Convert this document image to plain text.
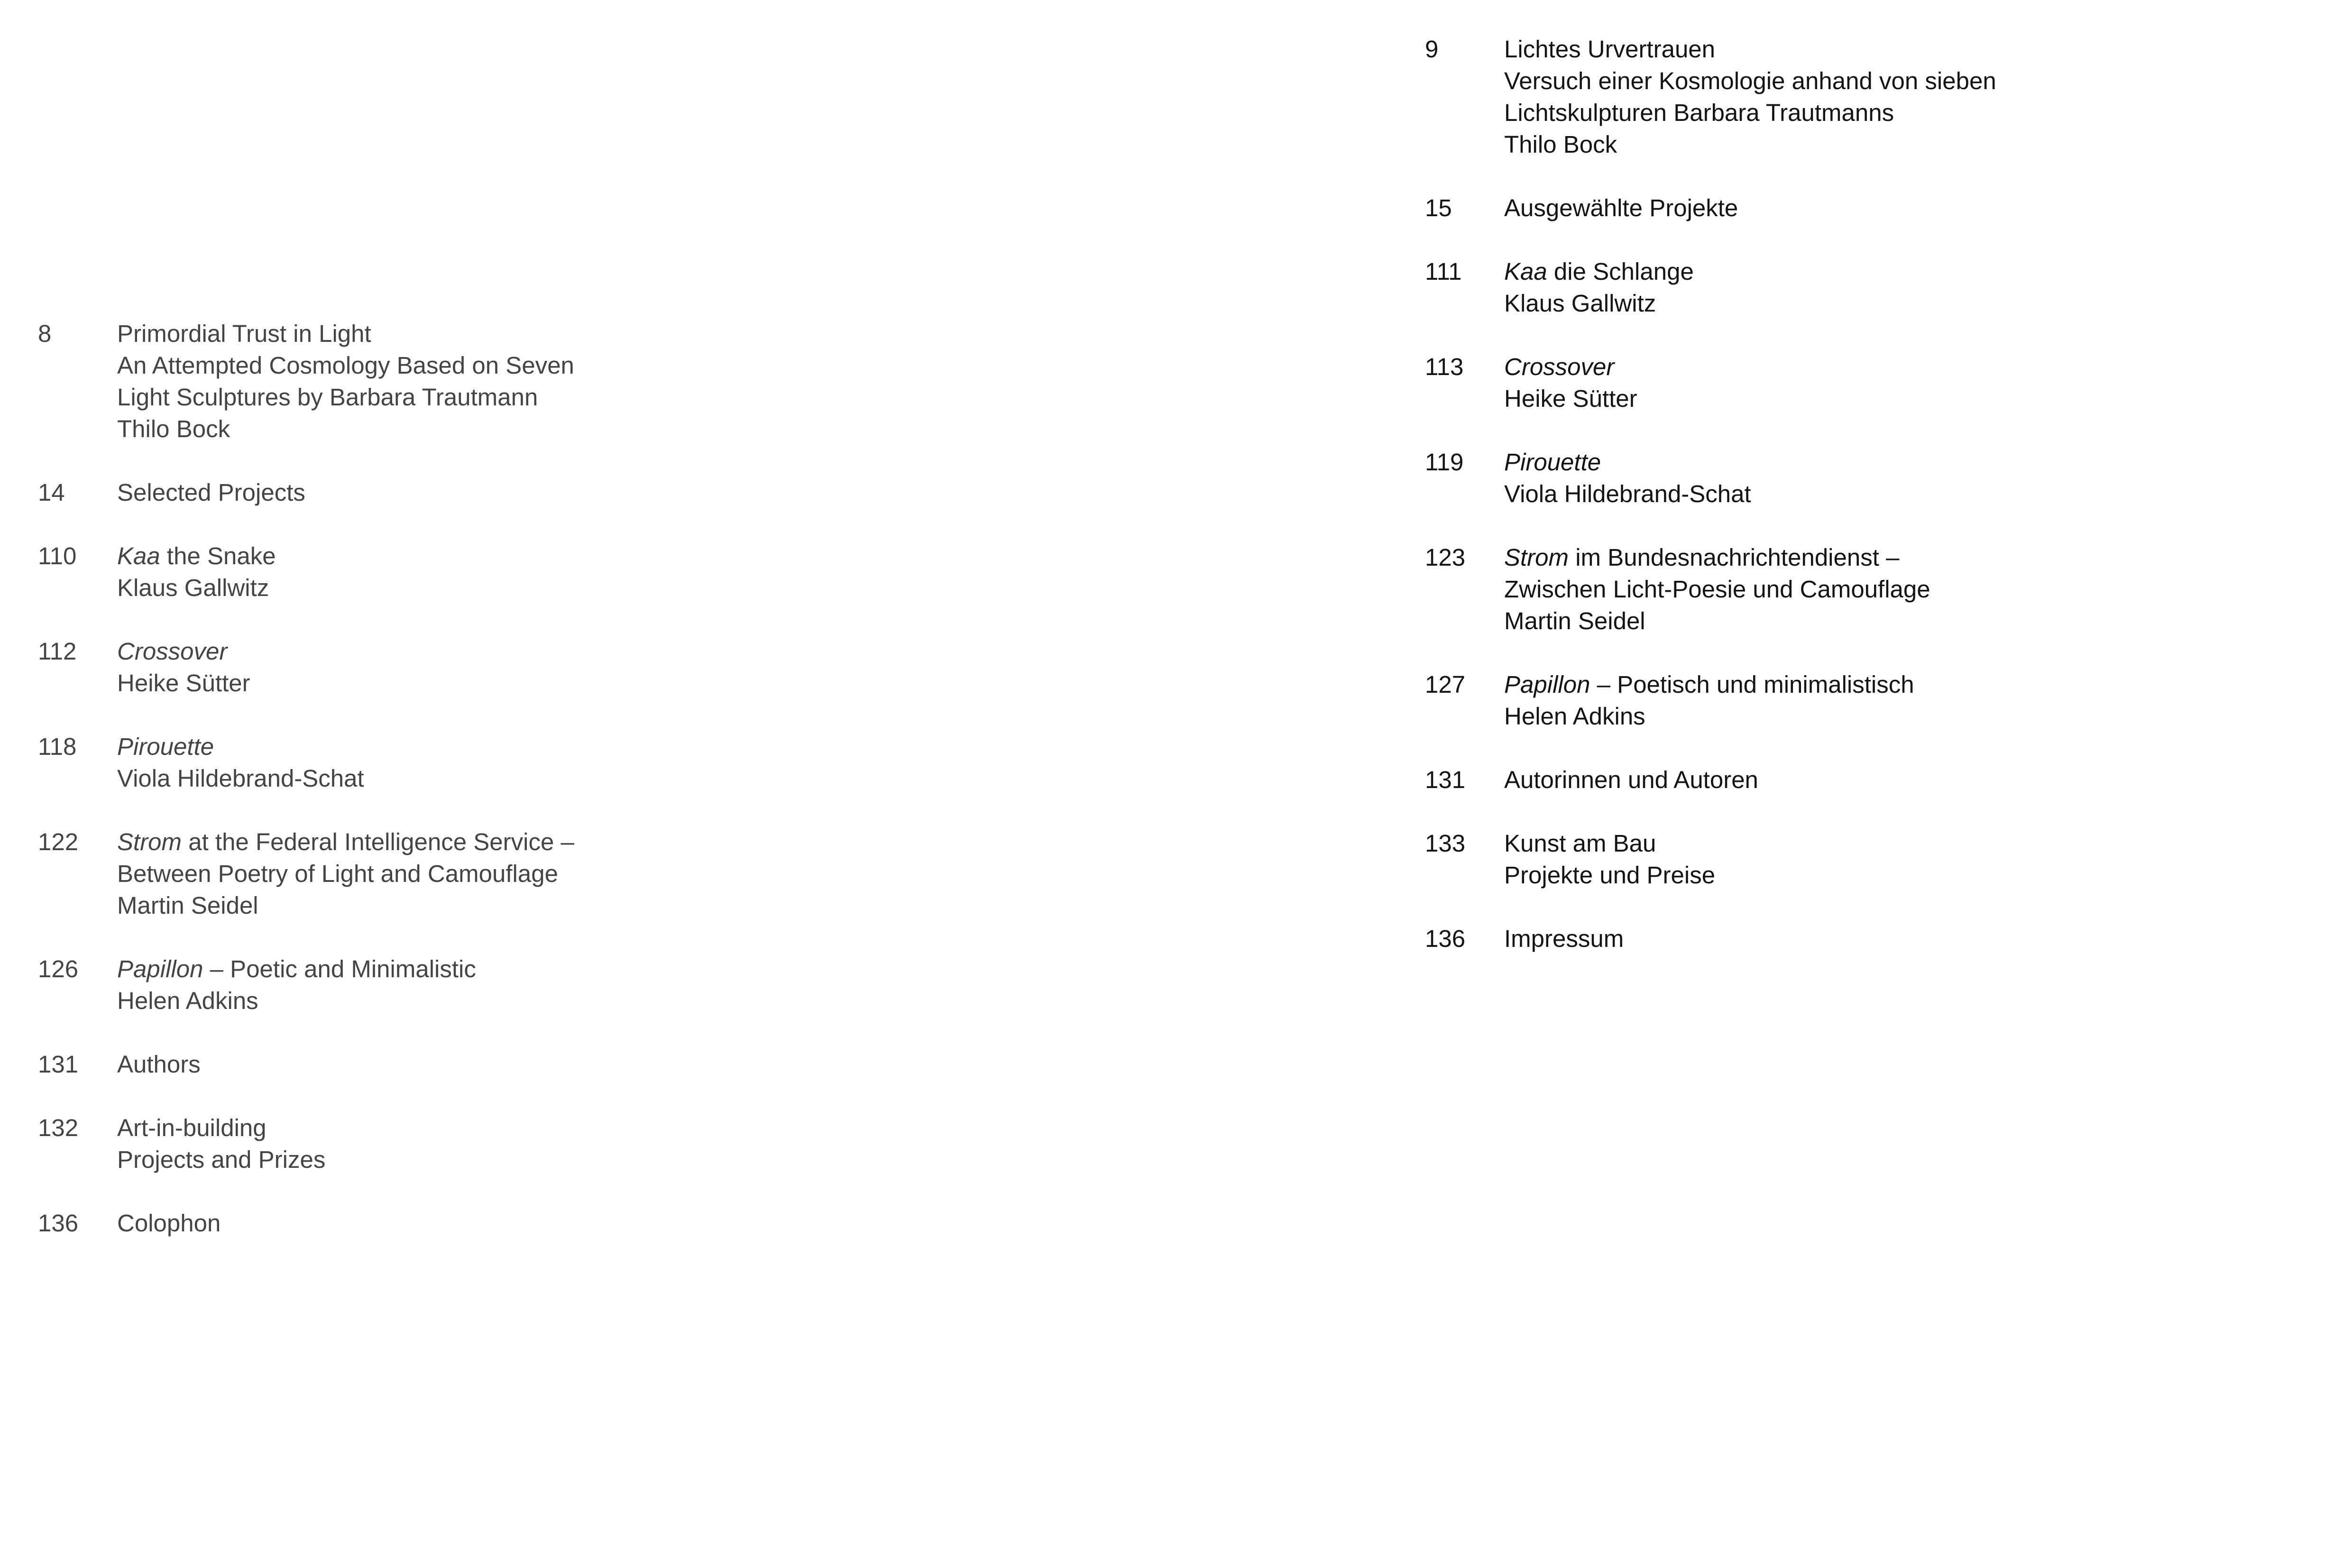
8	Primordial Trust in Light
An Attempted Cosmology Based on Seven
Light Sculptures by Barbara Trautmann
Thilo Bock
14	Selected Projects
110	Kaa the Snake
Klaus Gallwitz
112	Crossover
Heike Sütter
118	Pirouette
Viola Hildebrand-Schat
122	Strom at the Federal Intelligence Service –
Between Poetry of Light and Camouflage
Martin Seidel
126	Papillon – Poetic and Minimalistic
Helen Adkins
131	Authors
132	Art-in-building
Projects and Prizes
136	Colophon
9	Lichtes Urvertrauen
Versuch einer Kosmologie anhand von sieben
Lichtskulpturen Barbara Trautmanns
Thilo Bock
15	Ausgewählte Projekte
111	Kaa die Schlange
Klaus Gallwitz
113	Crossover
Heike Sütter
119	Pirouette
Viola Hildebrand-Schat
123	Strom im Bundesnachrichtendienst –
Zwischen Licht-Poesie und Camouflage
Martin Seidel
127	Papillon – Poetisch und minimalistisch
Helen Adkins
131	Autorinnen und Autoren
133	Kunst am Bau
Projekte und Preise
136	Impressum
